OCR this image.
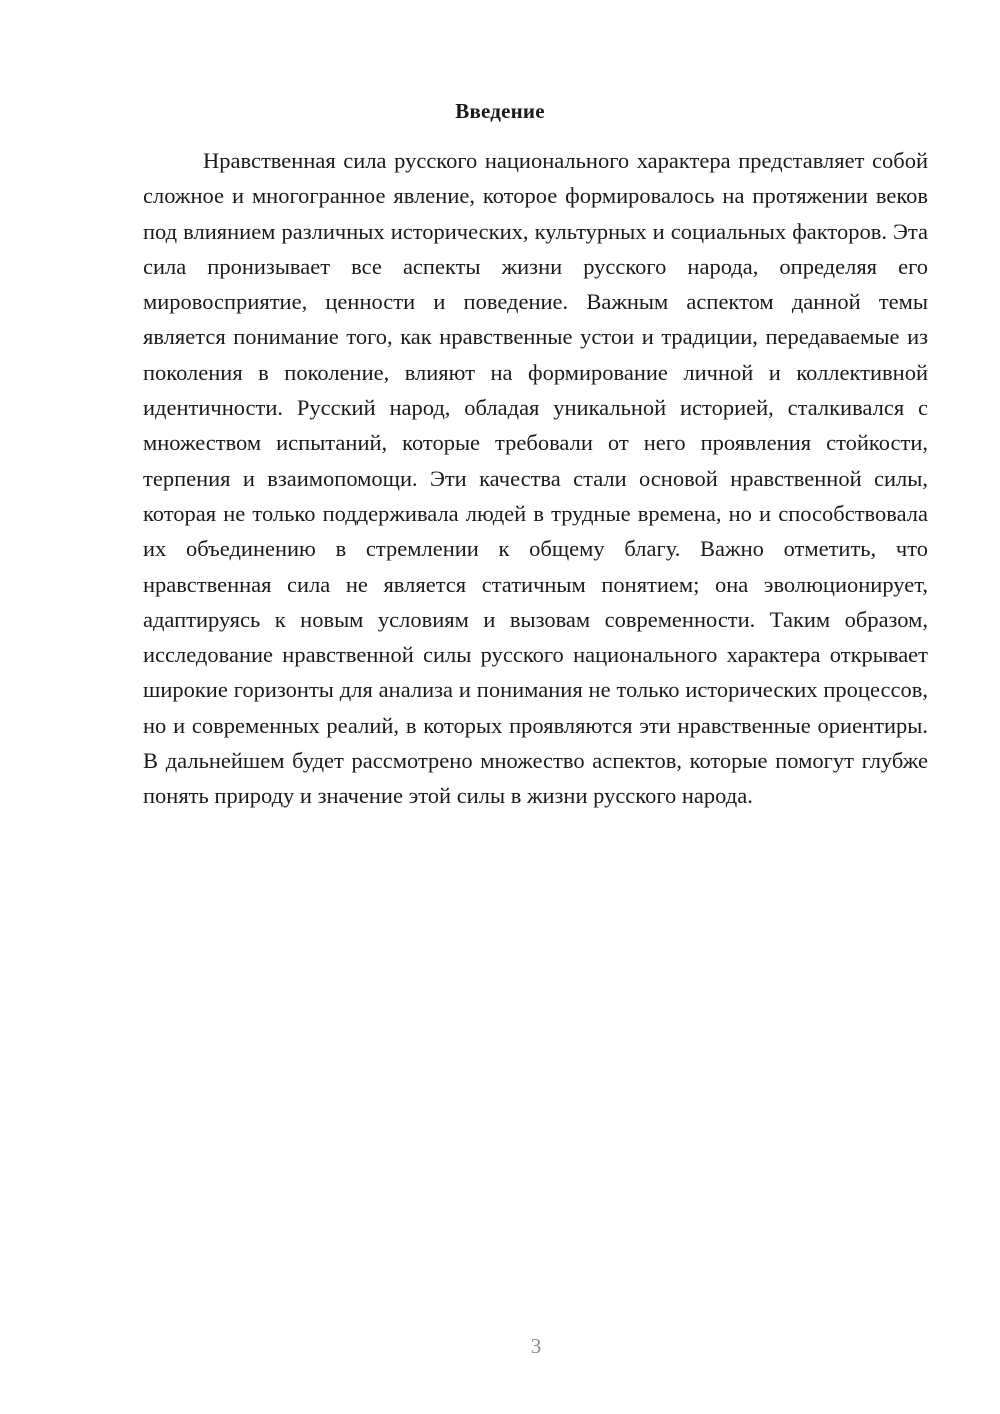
Введение

Нравственная сила русского национального характера представляет собой сложное и многогранное явление, которое формировалось на протяжении веков под влиянием различных исторических, культурных и социальных факторов. Эта сила пронизывает все аспекты жизни русского народа, определяя его мировосприятие, ценности и поведение. Важным аспектом данной темы является понимание того, как нравственные устои и традиции, передаваемые из поколения в поколение, влияют на формирование личной и коллективной идентичности. Русский народ, обладая уникальной историей, сталкивался с множеством испытаний, которые требовали от него проявления стойкости, терпения и взаимопомощи. Эти качества стали основой нравственной силы, которая не только поддерживала людей в трудные времена, но и способствовала их объединению в стремлении к общему благу. Важно отметить, что нравственная сила не является статичным понятием; она эволюционирует, адаптируясь к новым условиям и вызовам современности. Таким образом, исследование нравственной силы русского национального характера открывает широкие горизонты для анализа и понимания не только исторических процессов, но и современных реалий, в которых проявляются эти нравственные ориентиры. В дальнейшем будет рассмотрено множество аспектов, которые помогут глубже понять природу и значение этой силы в жизни русского народа.

3
